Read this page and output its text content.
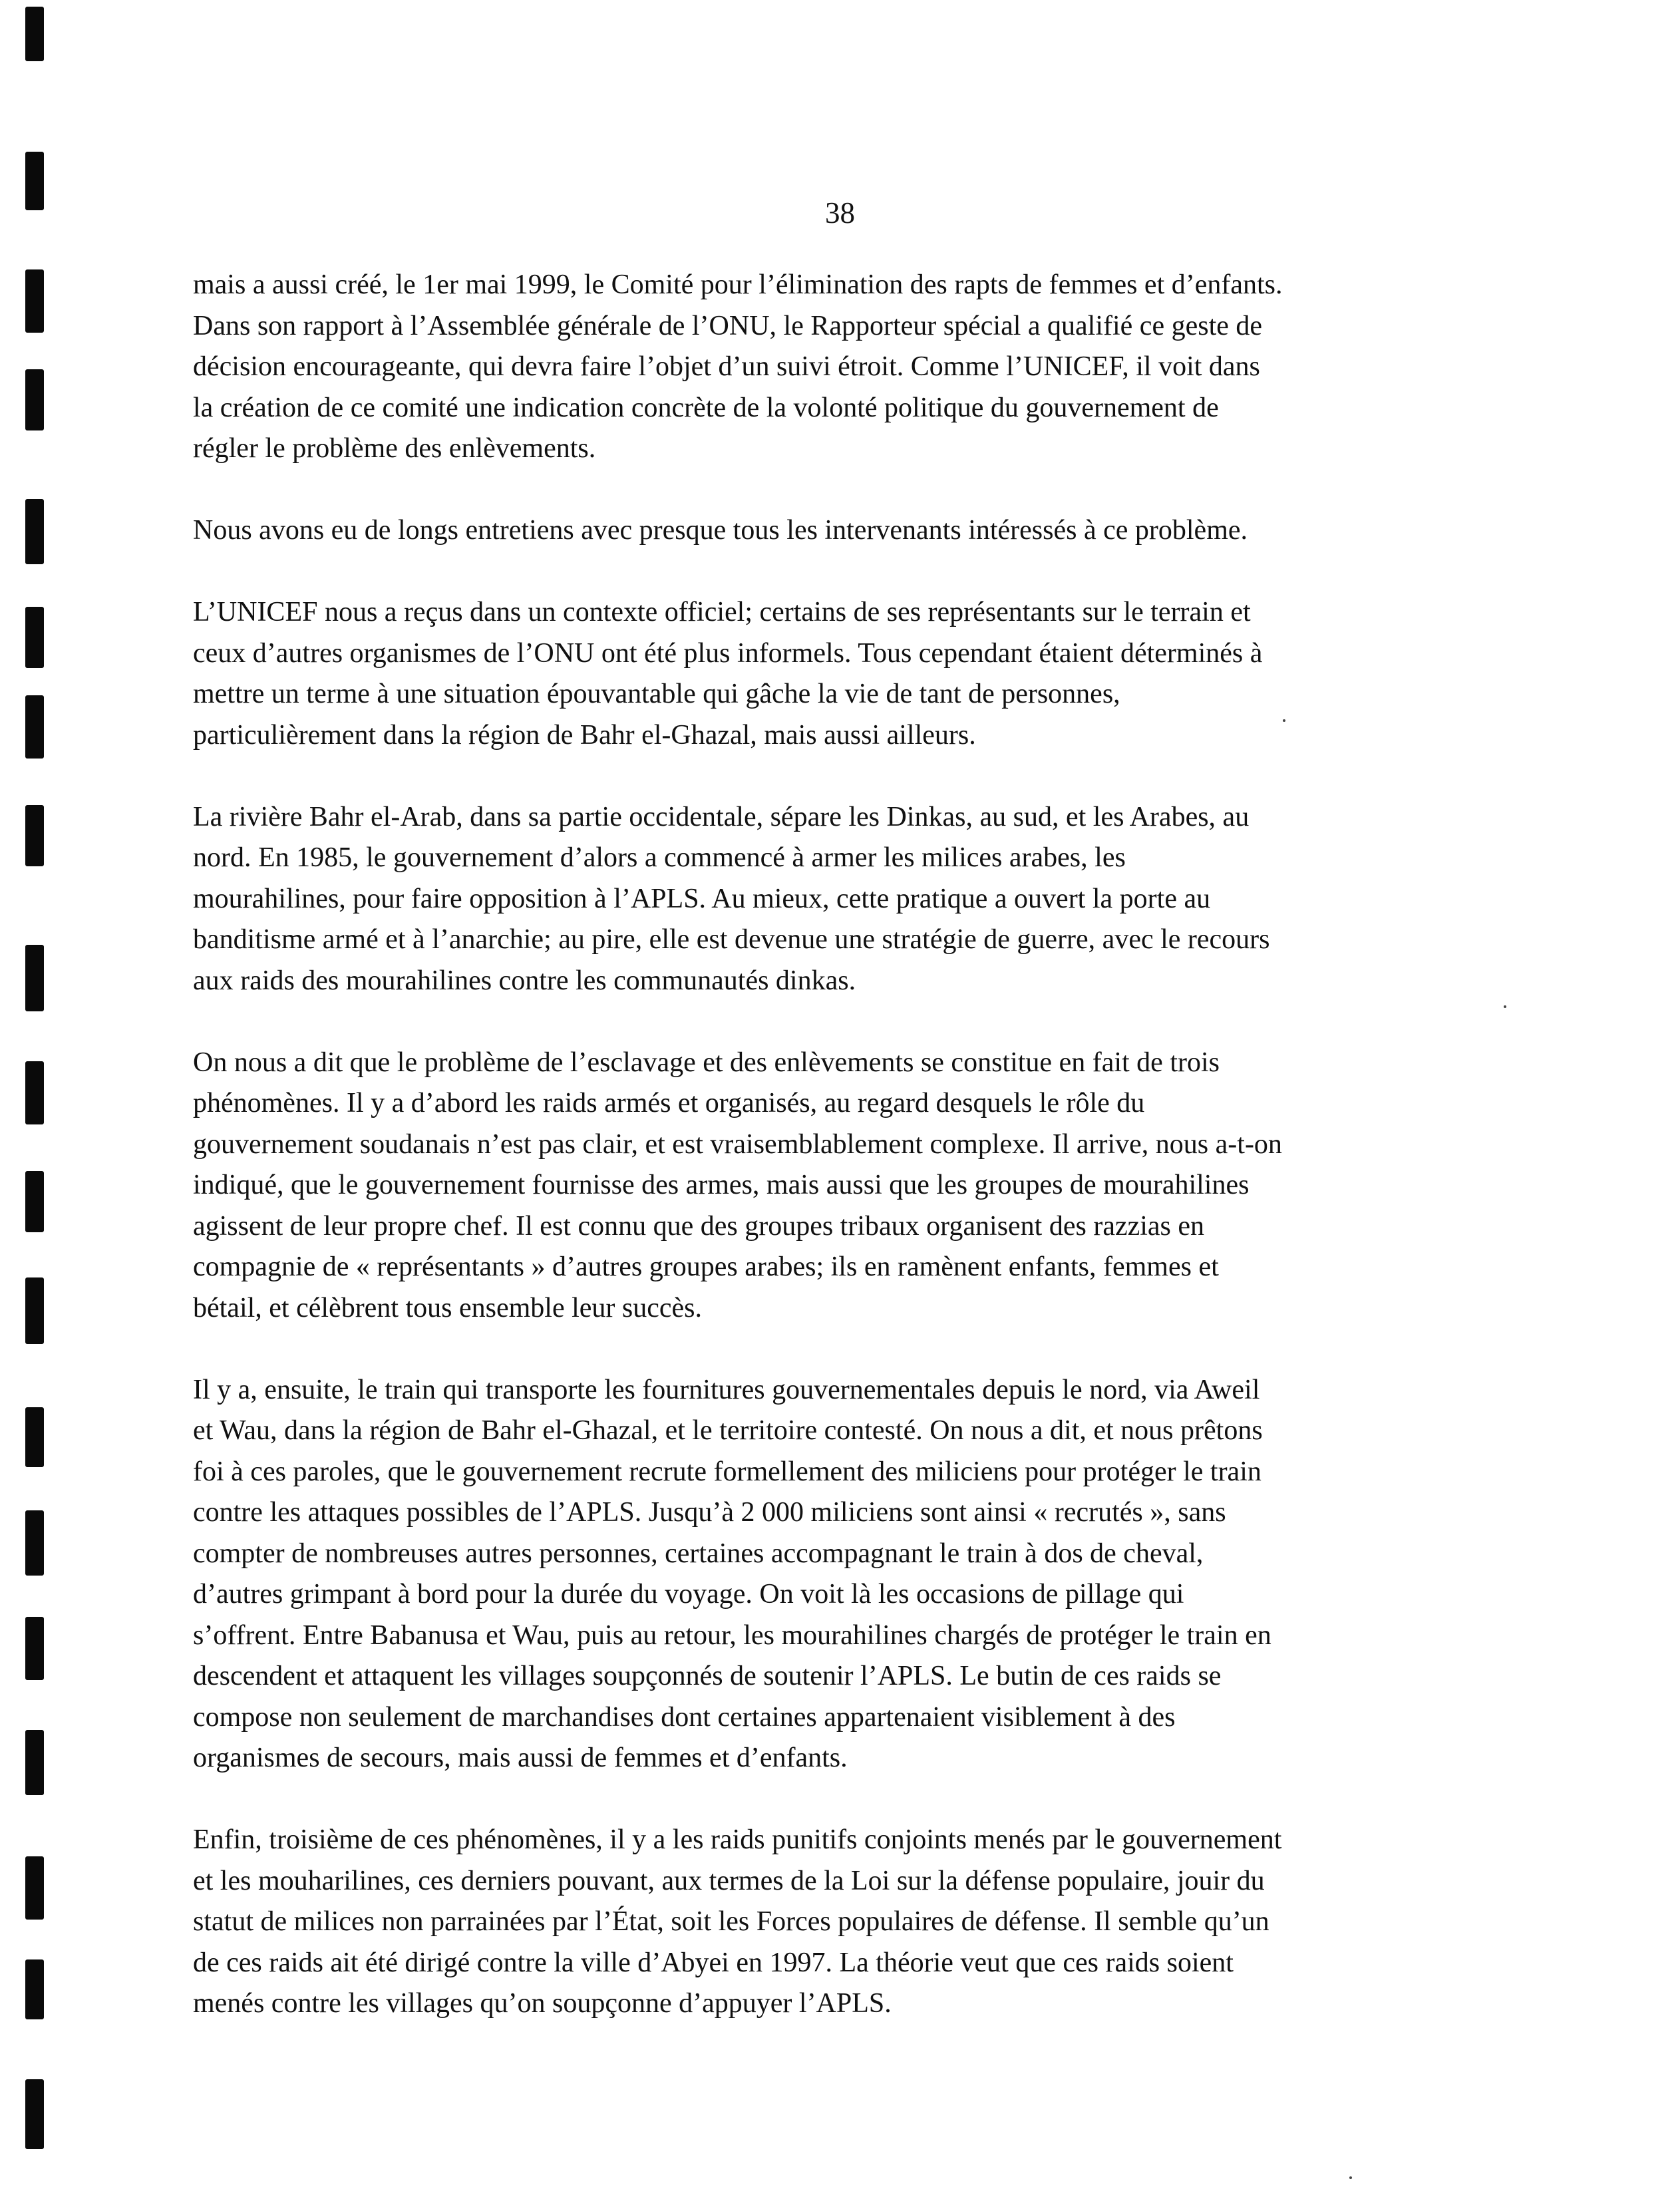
38

mais a aussi créé, le 1er mai 1999, le Comité pour l’élimination des rapts de femmes et d’enfants.
Dans son rapport à l’Assemblée générale de l’ONU, le Rapporteur spécial a qualifié ce geste de
décision encourageante, qui devra faire l’objet d’un suivi étroit. Comme l’UNICEF, il voit dans
la création de ce comité une indication concrète de la volonté politique du gouvernement de
régler le problème des enlèvements.

Nous avons eu de longs entretiens avec presque tous les intervenants intéressés à ce problème.

L’UNICEF nous a reçus dans un contexte officiel; certains de ses représentants sur le terrain et
ceux d’autres organismes de l’ONU ont été plus informels. Tous cependant étaient déterminés à
mettre un terme à une situation épouvantable qui gâche la vie de tant de personnes,
particulièrement dans la région de Bahr el-Ghazal, mais aussi ailleurs.

La rivière Bahr el-Arab, dans sa partie occidentale, sépare les Dinkas, au sud, et les Arabes, au
nord. En 1985, le gouvernement d’alors a commencé à armer les milices arabes, les
mourahilines, pour faire opposition à l’APLS. Au mieux, cette pratique a ouvert la porte au
banditisme armé et à l’anarchie; au pire, elle est devenue une stratégie de guerre, avec le recours
aux raids des mourahilines contre les communautés dinkas.

On nous a dit que le problème de l’esclavage et des enlèvements se constitue en fait de trois
phénomènes. Il y a d’abord les raids armés et organisés, au regard desquels le rôle du
gouvernement soudanais n’est pas clair, et est vraisemblablement complexe. Il arrive, nous a-t-on
indiqué, que le gouvernement fournisse des armes, mais aussi que les groupes de mourahilines
agissent de leur propre chef. Il est connu que des groupes tribaux organisent des razzias en
compagnie de « représentants » d’autres groupes arabes; ils en ramènent enfants, femmes et
bétail, et célèbrent tous ensemble leur succès.

Il y a, ensuite, le train qui transporte les fournitures gouvernementales depuis le nord, via Aweil
et Wau, dans la région de Bahr el-Ghazal, et le territoire contesté. On nous a dit, et nous prêtons
foi à ces paroles, que le gouvernement recrute formellement des miliciens pour protéger le train
contre les attaques possibles de l’APLS. Jusqu’à 2 000 miliciens sont ainsi « recrutés », sans
compter de nombreuses autres personnes, certaines accompagnant le train à dos de cheval,
d’autres grimpant à bord pour la durée du voyage. On voit là les occasions de pillage qui
s’offrent. Entre Babanusa et Wau, puis au retour, les mourahilines chargés de protéger le train en
descendent et attaquent les villages soupçonnés de soutenir l’APLS. Le butin de ces raids se
compose non seulement de marchandises dont certaines appartenaient visiblement à des
organismes de secours, mais aussi de femmes et d’enfants.

Enfin, troisième de ces phénomènes, il y a les raids punitifs conjoints menés par le gouvernement
et les mouharilines, ces derniers pouvant, aux termes de la Loi sur la défense populaire, jouir du
statut de milices non parrainées par l’État, soit les Forces populaires de défense. Il semble qu’un
de ces raids ait été dirigé contre la ville d’Abyei en 1997. La théorie veut que ces raids soient
menés contre les villages qu’on soupçonne d’appuyer l’APLS.
